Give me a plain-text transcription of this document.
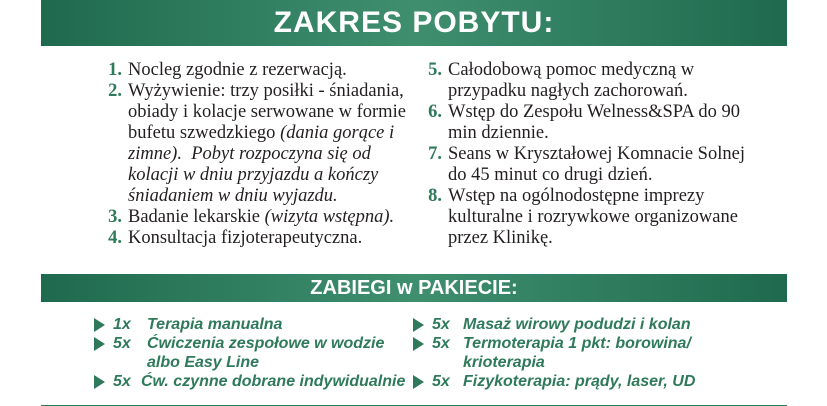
ZAKRES POBYTU:
1. Nocleg zgodnie z rezerwacją.
2. Wyżywienie: trzy posiłki - śniadania, obiady i kolacje serwowane w formie bufetu szwedzkiego (dania gorące i zimne). Pobyt rozpoczyna się od kolacji w dniu przyjazdu a kończy śniadaniem w dniu wyjazdu.
3. Badanie lekarskie (wizyta wstępna).
4. Konsultacja fizjoterapeutyczna.
5. Całodobową pomoc medyczną w przypadku nagłych zachorowań.
6. Wstęp do Zespołu Welness&SPA do 90 min dziennie.
7. Seans w Kryształowej Komnacie Solnej do 45 minut co drugi dzień.
8. Wstęp na ogólnodostępne imprezy kulturalne i rozrywkowe organizowane przez Klinikę.
ZABIEGI w PAKIECIE:
1x Terapia manualna
5x Ćwiczenia zespołowe w wodzie
albo Easy Line
5x Ćw. czynne dobrane indywidualnie
5x Masaż wirowy podudzi i kolan
5x Termoterapia 1 pkt: borowina/
krioterapia
5x Fizykoterapia: prądy, laser, UD
